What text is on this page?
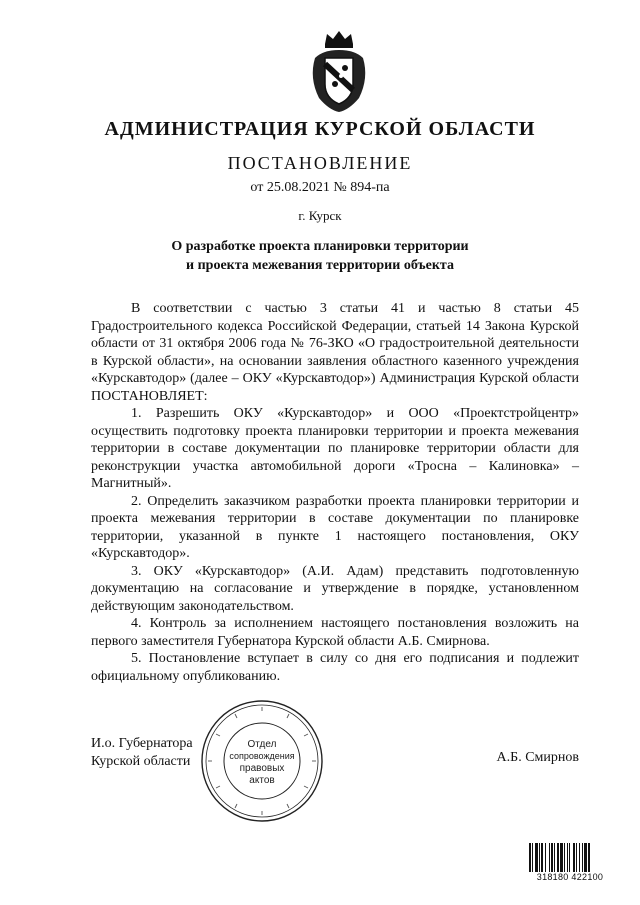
АДМИНИСТРАЦИЯ КУРСКОЙ ОБЛАСТИ
ПОСТАНОВЛЕНИЕ
от 25.08.2021 № 894-па
г. Курск
О разработке проекта планировки территории
и проекта межевания территории объекта

В соответствии с частью 3 статьи 41 и частью 8 статьи 45 Градостроительного кодекса Российской Федерации, статьей 14 Закона Курской области от 31 октября 2006 года № 76-ЗКО «О градостроительной деятельности в Курской области», на основании заявления областного казенного учреждения «Курскавтодор» (далее – ОКУ «Курскавтодор») Администрация Курской области ПОСТАНОВЛЯЕТ:

1. Разрешить ОКУ «Курскавтодор» и ООО «Проектстройцентр» осуществить подготовку проекта планировки территории и проекта межевания территории в составе документации по планировке территории области для реконструкции участка автомобильной дороги «Тросна – Калиновка» – Магнитный».

2. Определить заказчиком разработки проекта планировки территории и проекта межевания территории в составе документации по планировке территории, указанной в пункте 1 настоящего постановления, ОКУ «Курскавтодор».

3. ОКУ «Курскавтодор» (А.И. Адам) представить подготовленную документацию на согласование и утверждение в порядке, установленном действующим законодательством.

4. Контроль за исполнением настоящего постановления возложить на первого заместителя Губернатора Курской области А.Б. Смирнова.

5. Постановление вступает в силу со дня его подписания и подлежит официальному опубликованию.

И.о. Губернатора
Курской области	А.Б. Смирнов
Отдел
сопровождения
правовых
актов
318180 422100
